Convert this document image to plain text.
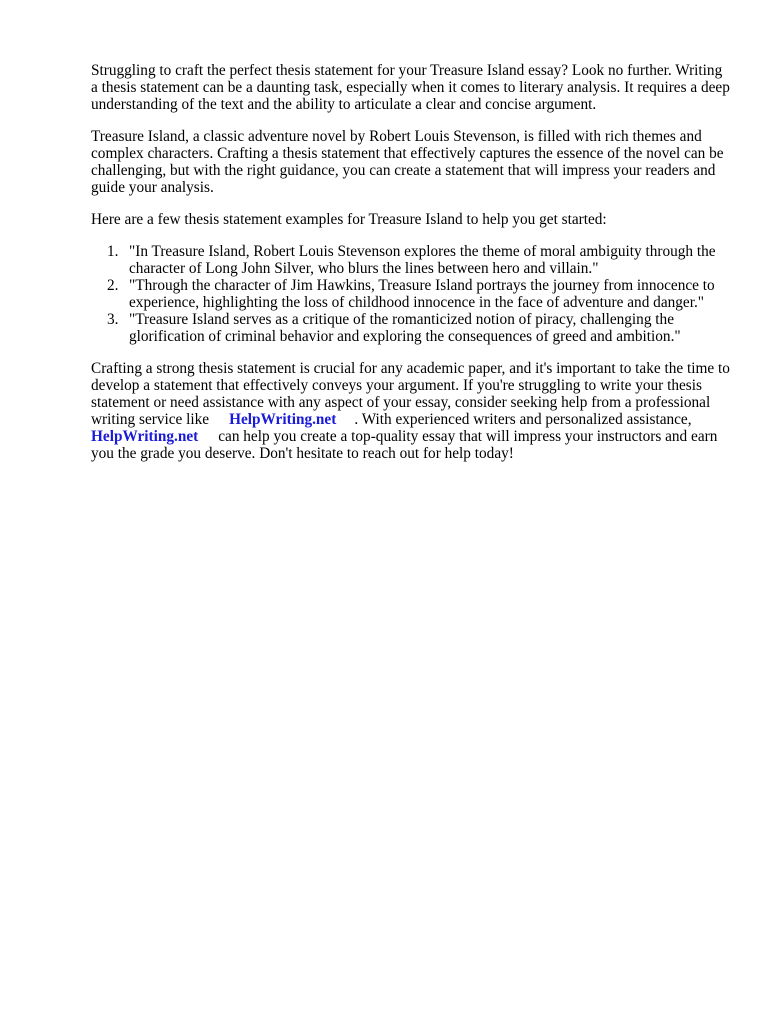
Struggling to craft the perfect thesis statement for your Treasure Island essay? Look no further. Writing a thesis statement can be a daunting task, especially when it comes to literary analysis. It requires a deep understanding of the text and the ability to articulate a clear and concise argument.

Treasure Island, a classic adventure novel by Robert Louis Stevenson, is filled with rich themes and complex characters. Crafting a thesis statement that effectively captures the essence of the novel can be challenging, but with the right guidance, you can create a statement that will impress your readers and guide your analysis.

Here are a few thesis statement examples for Treasure Island to help you get started:

1. "In Treasure Island, Robert Louis Stevenson explores the theme of moral ambiguity through the character of Long John Silver, who blurs the lines between hero and villain."
2. "Through the character of Jim Hawkins, Treasure Island portrays the journey from innocence to experience, highlighting the loss of childhood innocence in the face of adventure and danger."
3. "Treasure Island serves as a critique of the romanticized notion of piracy, challenging the glorification of criminal behavior and exploring the consequences of greed and ambition."

Crafting a strong thesis statement is crucial for any academic paper, and it's important to take the time to develop a statement that effectively conveys your argument. If you're struggling to write your thesis statement or need assistance with any aspect of your essay, consider seeking help from a professional writing service like HelpWriting.net . With experienced writers and personalized assistance,HelpWriting.net can help you create a top-quality essay that will impress your instructors and earn you the grade you deserve. Don't hesitate to reach out for help today!
